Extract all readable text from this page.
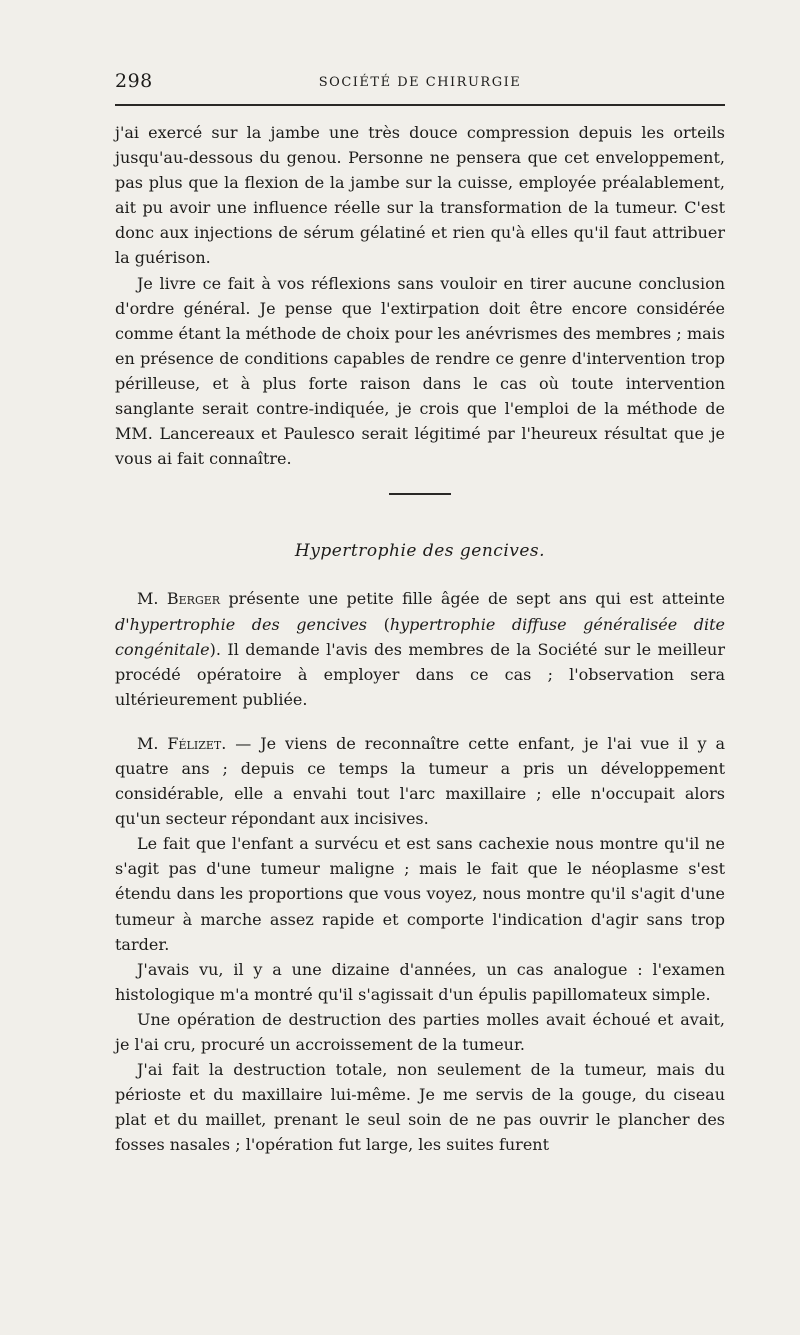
298	SOCIÉTÉ DE CHIRURGIE

j'ai exercé sur la jambe une très douce compression depuis les orteils jusqu'au-dessous du genou. Personne ne pensera que cet enveloppement, pas plus que la flexion de la jambe sur la cuisse, employée préalablement, ait pu avoir une influence réelle sur la transformation de la tumeur. C'est donc aux injections de sérum gélatiné et rien qu'à elles qu'il faut attribuer la guérison.

Je livre ce fait à vos réflexions sans vouloir en tirer aucune conclusion d'ordre général. Je pense que l'extirpation doit être encore considérée comme étant la méthode de choix pour les anévrismes des membres ; mais en présence de conditions capables de rendre ce genre d'intervention trop périlleuse, et à plus forte raison dans le cas où toute intervention sanglante serait contre-indiquée, je crois que l'emploi de la méthode de MM. Lancereaux et Paulesco serait légitimé par l'heureux résultat que je vous ai fait connaître.

Hypertrophie des gencives.

M. Berger présente une petite fille âgée de sept ans qui est atteinte d'hypertrophie des gencives (hypertrophie diffuse généralisée dite congénitale). Il demande l'avis des membres de la Société sur le meilleur procédé opératoire à employer dans ce cas ; l'observation sera ultérieurement publiée.

M. Félizet. — Je viens de reconnaître cette enfant, je l'ai vue il y a quatre ans ; depuis ce temps la tumeur a pris un développement considérable, elle a envahi tout l'arc maxillaire ; elle n'occupait alors qu'un secteur répondant aux incisives.

Le fait que l'enfant a survécu et est sans cachexie nous montre qu'il ne s'agit pas d'une tumeur maligne ; mais le fait que le néoplasme s'est étendu dans les proportions que vous voyez, nous montre qu'il s'agit d'une tumeur à marche assez rapide et comporte l'indication d'agir sans trop tarder.

J'avais vu, il y a une dizaine d'années, un cas analogue : l'examen histologique m'a montré qu'il s'agissait d'un épulis papillomateux simple.

Une opération de destruction des parties molles avait échoué et avait, je l'ai cru, procuré un accroissement de la tumeur.

J'ai fait la destruction totale, non seulement de la tumeur, mais du périoste et du maxillaire lui-même. Je me servis de la gouge, du ciseau plat et du maillet, prenant le seul soin de ne pas ouvrir le plancher des fosses nasales ; l'opération fut large, les suites furent
